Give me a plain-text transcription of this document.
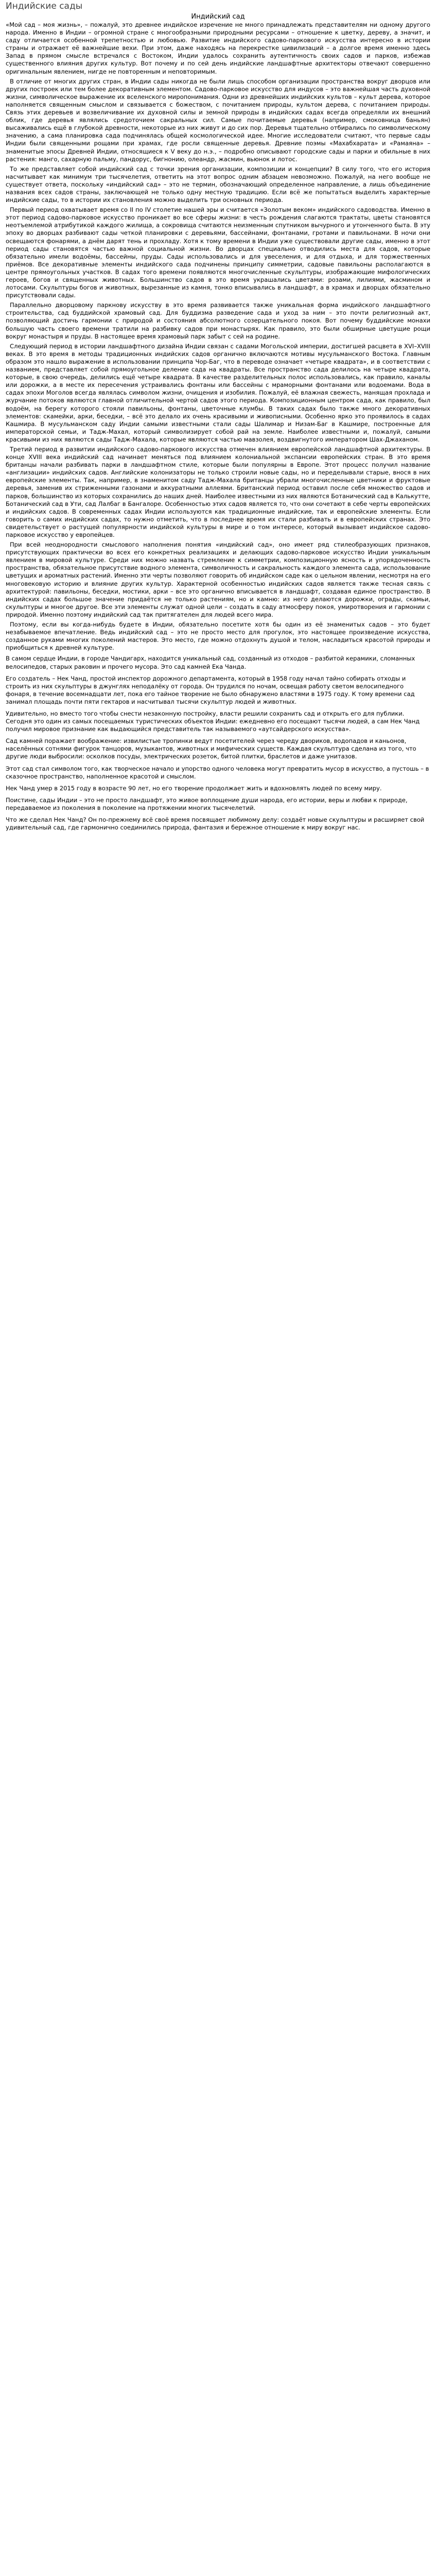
Индийские сады
Индийский сад

«Мой сад – моя жизнь», – пожалуй, это древнее индийское изречение не много принадлежать представителям ни одному другого народа. Именно в Индии – огромной стране с многообразными природными ресурсами – отношение к цветку, дереву, а значит, и саду отличается особенной трепетностью и любовью. Развитие индийского садово-паркового искусства интересно в истории страны и отражает её важнейшие вехи. При этом, даже находясь на перекрестке цивилизаций – а долгое время именно здесь Запад в прямом смысле встречался с Востоком, Индии удалось сохранить аутентичность своих садов и парков, избежав существенного влияния других культур. Вот почему и по сей день индийские ландшафтные архитекторы отвечают совершенно оригинальным явлением, нигде не повторенным и неповторимым.

В отличие от многих других стран, в Индии сады никогда не были лишь способом организации пространства вокруг дворцов или других построек или тем более декоративным элементом. Садово-парковое искусство для индусов – это важнейшая часть духовной жизни, символическое выражение их вселенского миропонимания. Одни из древнейших индийских культов – культ дерева, которое наполняется священным смыслом и связывается с божеством, с почитанием природы, культом дерева, с почитанием природы. Связь этих деревьев и возвеличивание их духовной силы и земной природы в индийских садах всегда определяли их внешний облик, где деревья являлись средоточием сакральных сил. Самые почитаемые деревья (например, смоковница баньян) высаживались ещё в глубокой древности, некоторые из них живут и до сих пор. Деревья тщательно отбирались по символическому значению, а сама планировка сада подчинялась общей космологической идее. Многие исследователи считают, что первые сады Индии были священными рощами при храмах, где росли священные деревья. Древние поэмы «Махабхарата» и «Рамаяна» – знаменитые эпосы Древней Индии, относящиеся к V веку до н.э., – подробно описывают городские сады и парки и обильные в них растения: манго, сахарную пальму, пандорус, бигнонию, олеандр, жасмин, вьюнок и лотос.

То же представляет собой индийский сад с точки зрения организации, композиции и концепции? В силу того, что его история насчитывает как минимум три тысячелетия, ответить на этот вопрос одним абзацем невозможно. Пожалуй, на него вообще не существует ответа, поскольку «индийский сад» – это не термин, обозначающий определенное направление, а лишь объединение названия всех садов страны, заключающей не только одну местную традицию. Если всё же попытаться выделить характерные индийские сады, то в истории их становления можно выделить три основных периода.

Первый период охватывает время со II по IV столетие нашей эры и считается «Золотым веком» индийского садоводства. Именно в этот период садово-парковое искусство проникает во все сферы жизни: в честь рождения слагаются трактаты, цветы становятся неотъемлемой атрибутикой каждого жилища, а сокровища считаются неизменным спутником вычурного и утонченного быта. В эту эпоху во дворцах разбивают сады четкой планировки с деревьями, бассейнами, фонтанами, гротами и павильонами. В ночи они освещаются фонарями, а днём дарят тень и прохладу. Хотя к тому времени в Индии уже существовали другие сады, именно в этот период сады становятся частью важной социальной жизни. Во дворцах специально отводились места для садов, которые обязательно имели водоёмы, бассейны, пруды. Сады использовались и для увеселения, и для отдыха, и для торжественных приёмов. Все декоративные элементы индийского сада подчинены принципу симметрии, садовые павильоны располагаются в центре прямоугольных участков. В садах того времени появляются многочисленные скульптуры, изображающие мифологических героев, богов и священных животных. Большинство садов в это время украшались цветами: розами, лилиями, жасмином и лотосами. Скульптуры богов и животных, вырезанные из камня, тонко вписывались в ландшафт, а в храмах и дворцах обязательно присутствовали сады.

Параллельно дворцовому паркнову искусству в это время развивается также уникальная форма индийского ландшафтного строительства, сад буддийской храмовый сад. Для буддизма разведение сада и уход за ним – это почти религиозный акт, позволяющий достичь гармонии с природой и состояния абсолютного созерцательного покоя. Вот почему буддийские монахи большую часть своего времени тратили на разбивку садов при монастырях. Как правило, это были обширные цветущие рощи вокруг монастыря и пруды. В настоящее время храмовый парк забыт с сей на родине.

Следующий период в истории ландшафтного дизайна Индии связан с садами Могольской империи, достигшей расцвета в XVI–XVIII веках. В это время в методы традиционных индийских садов органично включаются мотивы мусульманского Востока. Главным образом это нашло выражение в использовании принципа Чор-Баг, что в переводе означает «четыре квадрата», и в соответствии с названием, представляет собой прямоугольное деление сада на квадраты. Все пространство сада делилось на четыре квадрата, которые, в свою очередь, делились ещё четыре квадрата. В качестве разделительных полос использовались, как правило, каналы или дорожки, а в месте их пересечения устраивались фонтаны или бассейны с мраморными фонтанами или водоемами. Вода в садах эпохи Моголов всегда являлась символом жизни, очищения и изобилия. Пожалуй, её влажная свежесть, манящая прохлада и журчание потоков являются главной отличительной чертой садов этого периода. Композиционным центром сада, как правило, был водоём, на берегу которого стояли павильоны, фонтаны, цветочные клумбы. В таких садах было также много декоративных элементов: скамейки, арки, беседки, – всё это делало их очень красивыми и живописными. Особенно ярко это проявилось в садах Кашмира. В мусульманском саду Индии самыми известными стали сады Шалимар и Низам-Баг в Кашмире, построенные для императорской семьи, и Тадж-Махал, который символизирует собой рай на земле. Наиболее известными и, пожалуй, самыми красивыми из них являются сады Тадж-Махала, которые являются частью мавзолея, воздвигнутого императором Шах-Джаханом.

Третий период в развитии индийского садово-паркового искусства отмечен влиянием европейской ландшафтной архитектуры. В конце XVIII века индийский сад начинает меняться под влиянием колониальной экспансии европейских стран. В это время британцы начали разбивать парки в ландшафтном стиле, которые были популярны в Европе. Этот процесс получил название «англизации» индийских садов. Английские колонизаторы не только строили новые сады, но и переделывали старые, внося в них европейские элементы. Так, например, в знаменитом саду Тадж-Махала британцы убрали многочисленные цветники и фруктовые деревья, заменив их стриженными газонами и аккуратными аллеями. Британский период оставил после себя множество садов и парков, большинство из которых сохранились до наших дней. Наиболее известными из них являются Ботанический сад в Калькутте, Ботанический сад в Ути, сад Лалбаг в Бангалоре. Особенностью этих садов является то, что они сочетают в себе черты европейских и индийских садов. В современных садах Индии используются как традиционные индийские, так и европейские элементы. Если говорить о самих индийских садах, то нужно отметить, что в последнее время их стали разбивать и в европейских странах. Это свидетельствует о растущей популярности индийской культуры в мире и о том интересе, который вызывает индийское садово-парковое искусство у европейцев.

При всей неоднородности смыслового наполнения понятия «индийский сад», оно имеет ряд стилеобразующих признаков, присутствующих практически во всех его конкретных реализациях и делающих садово-парковое искусство Индии уникальным явлением в мировой культуре. Среди них можно назвать стремление к симметрии, композиционную ясность и упорядоченность пространства, обязательное присутствие водного элемента, символичность и сакральность каждого элемента сада, использование цветущих и ароматных растений. Именно эти черты позволяют говорить об индийском саде как о цельном явлении, несмотря на его многовековую историю и влияние других культур. Характерной особенностью индийских садов является также тесная связь с архитектурой: павильоны, беседки, мостики, арки – все это органично вписывается в ландшафт, создавая единое пространство. В индийских садах большое значение придаётся не только растениям, но и камню: из него делаются дорожки, ограды, скамьи, скульптуры и многое другое. Все эти элементы служат одной цели – создать в саду атмосферу покоя, умиротворения и гармонии с природой. Именно поэтому индийский сад так притягателен для людей всего мира.

Поэтому, если вы когда-нибудь будете в Индии, обязательно посетите хотя бы один из её знаменитых садов – это будет незабываемое впечатление. Ведь индийский сад – это не просто место для прогулок, это настоящее произведение искусства, созданное руками многих поколений мастеров. Это место, где можно отдохнуть душой и телом, насладиться красотой природы и приобщиться к древней культуре.

В самом сердце Индии, в городе Чандигарх, находится уникальный сад, созданный из отходов – разбитой керамики, сломанных велосипедов, старых раковин и прочего мусора. Это сад камней Ека Чанда.

Его создатель – Нек Чанд, простой инспектор дорожного департамента, который в 1958 году начал тайно собирать отходы и строить из них скульптуры в джунглях неподалёку от города. Он трудился по ночам, освещая работу светом велосипедного фонаря, в течение восемнадцати лет, пока его тайное творение не было обнаружено властями в 1975 году. К тому времени сад занимал площадь почти пяти гектаров и насчитывал тысячи скульптур людей и животных.

Удивительно, но вместо того чтобы снести незаконную постройку, власти решили сохранить сад и открыть его для публики. Сегодня это один из самых посещаемых туристических объектов Индии: ежедневно его посещают тысячи людей, а сам Нек Чанд получил мировое признание как выдающийся представитель так называемого «аутсайдерского искусства».

Сад камней поражает воображение: извилистые тропинки ведут посетителей через череду двориков, водопадов и каньонов, населённых сотнями фигурок танцоров, музыкантов, животных и мифических существ. Каждая скульптура сделана из того, что другие люди выбросили: осколков посуды, электрических розеток, битой плитки, браслетов и даже унитазов.

Этот сад стал символом того, как творческое начало и упорство одного человека могут превратить мусор в искусство, а пустошь – в сказочное пространство, наполненное красотой и смыслом.

Нек Чанд умер в 2015 году в возрасте 90 лет, но его творение продолжает жить и вдохновлять людей по всему миру.

Поистине, сады Индии – это не просто ландшафт, это живое воплощение души народа, его истории, веры и любви к природе, передаваемое из поколения в поколение на протяжении многих тысячелетий.

Что же сделал Нек Чанд? Он по-прежнему всё своё время посвящает любимому делу: создаёт новые скульптуры и расширяет свой удивительный сад, где гармонично соединились природа, фантазия и бережное отношение к миру вокруг нас.
